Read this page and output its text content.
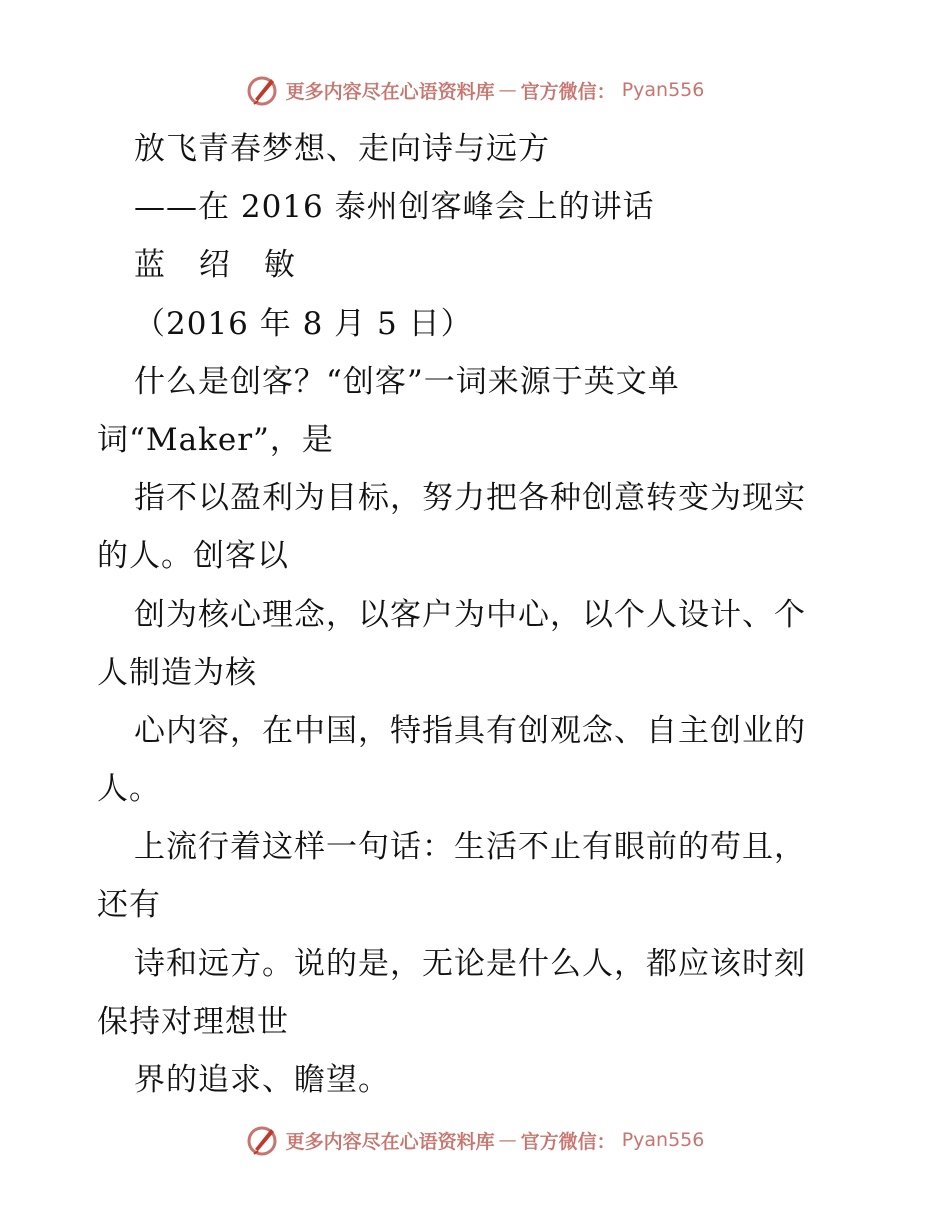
更多内容尽在心语资料库 — 官方微信： Pyan556
放飞青春梦想、走向诗与远方
——在 2016 泰州创客峰会上的讲话
蓝 绍 敏
（2016 年 8 月 5 日）
什么是创客？“创客”一词来源于英文单
词“Maker”，是
指不以盈利为目标，努力把各种创意转变为现实
的人。创客以
创为核心理念，以客户为中心，以个人设计、个
人制造为核
心内容，在中国，特指具有创观念、自主创业的
人。
上流行着这样一句话：生活不止有眼前的苟且，
还有
诗和远方。说的是，无论是什么人，都应该时刻
保持对理想世
界的追求、瞻望。
更多内容尽在心语资料库 — 官方微信： Pyan556
